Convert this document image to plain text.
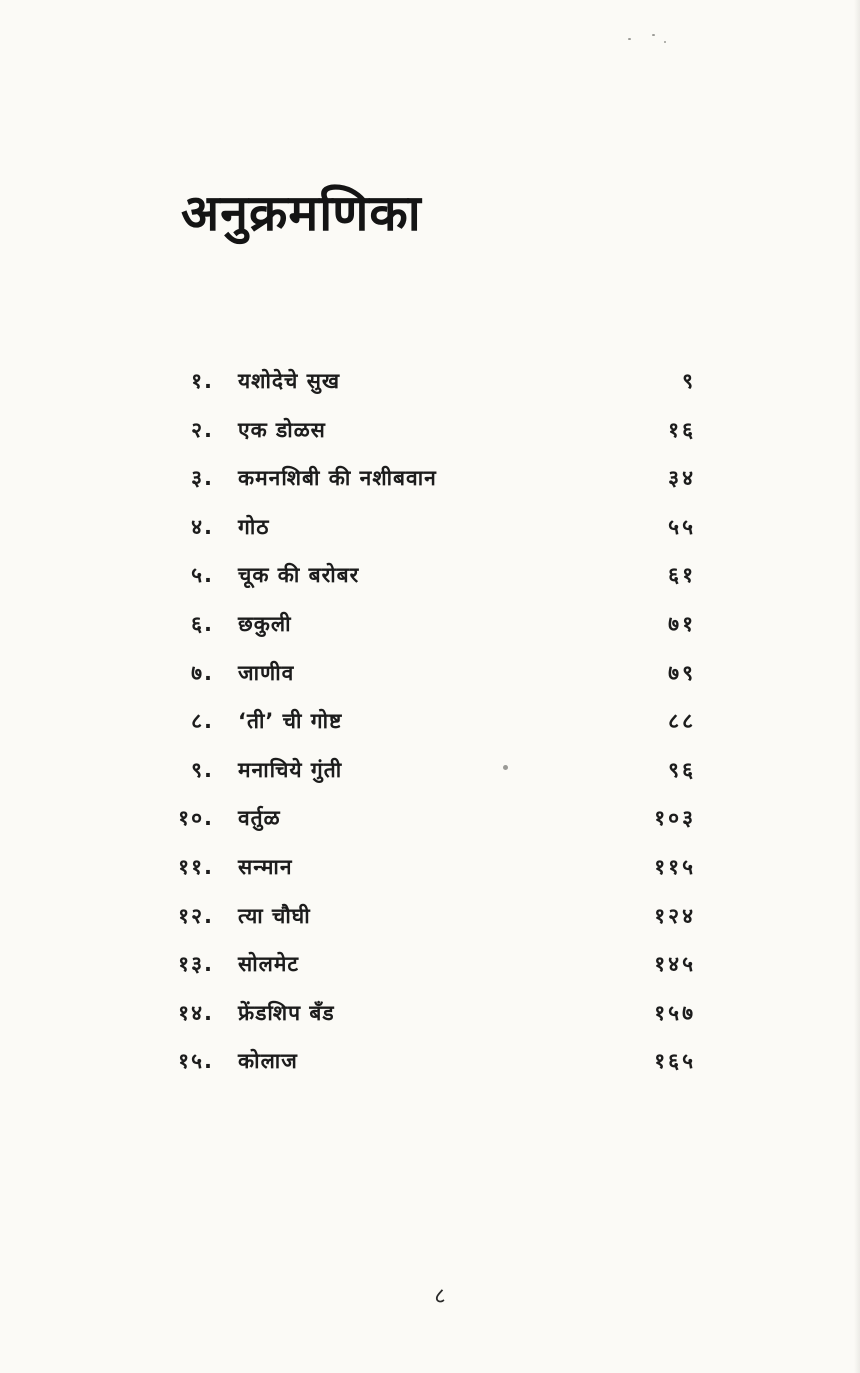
अनुक्रमणिका
१. यशोदेचे सुख	९
२. एक डोळस	१६
३. कमनशिबी की नशीबवान	३४
४. गोठ	५५
५. चूक की बरोबर	६१
६. छकुली	७१
७. जाणीव	७९
८. ‘ती’ ची गोष्ट	८८
९. मनाचिये गुंती	९६
१०. वर्तुळ	१०३
११. सन्मान	११५
१२. त्या चौघी	१२४
१३. सोलमेट	१४५
१४. फ्रेंडशिप बँड	१५७
१५. कोलाज	१६५
८
